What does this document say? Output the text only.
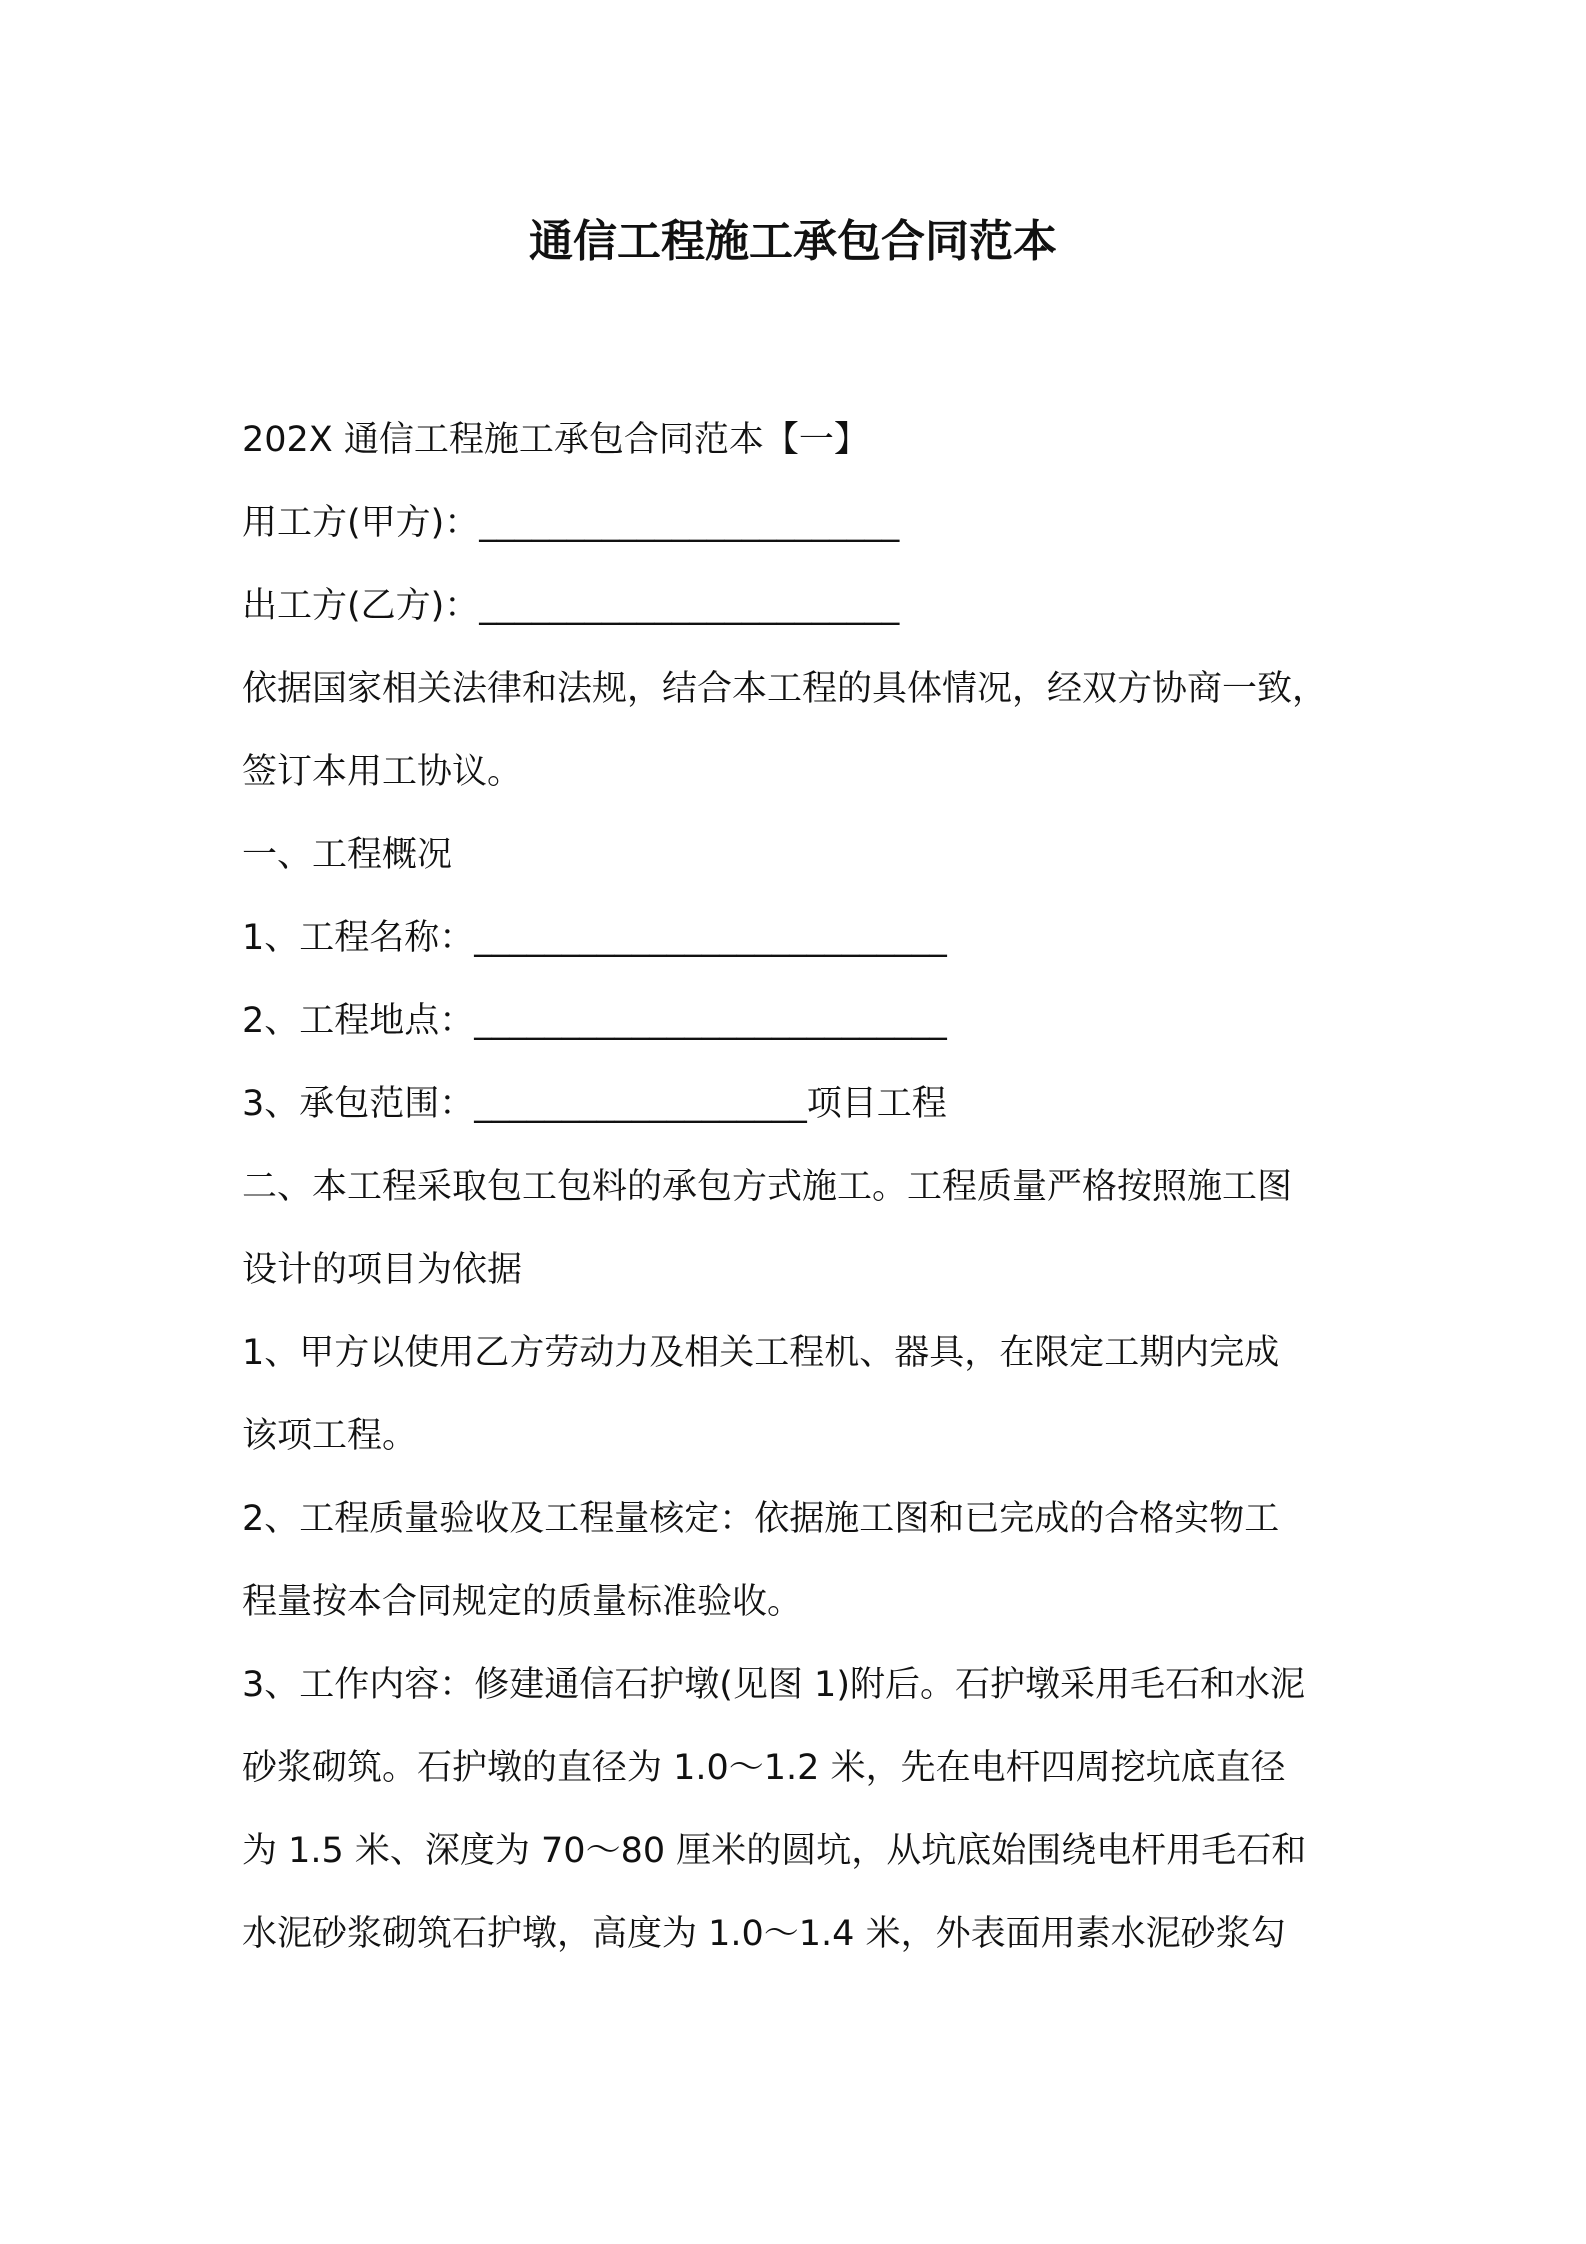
通信工程施工承包合同范本

202X 通信工程施工承包合同范本【一】

用工方(甲方)：________________________

出工方(乙方)：________________________

依据国家相关法律和法规，结合本工程的具体情况，经双方协商一致，

签订本用工协议。

一、工程概况

1、工程名称：___________________________

2、工程地点：___________________________

3、承包范围：___________________项目工程

二、本工程采取包工包料的承包方式施工。工程质量严格按照施工图

设计的项目为依据

1、甲方以使用乙方劳动力及相关工程机、器具，在限定工期内完成

该项工程。

2、工程质量验收及工程量核定：依据施工图和已完成的合格实物工

程量按本合同规定的质量标准验收。

3、工作内容：修建通信石护墩(见图 1)附后。石护墩采用毛石和水泥

砂浆砌筑。石护墩的直径为 1.0～1.2 米，先在电杆四周挖坑底直径

为 1.5 米、深度为 70～80 厘米的圆坑，从坑底始围绕电杆用毛石和

水泥砂浆砌筑石护墩，高度为 1.0～1.4 米，外表面用素水泥砂浆勾
